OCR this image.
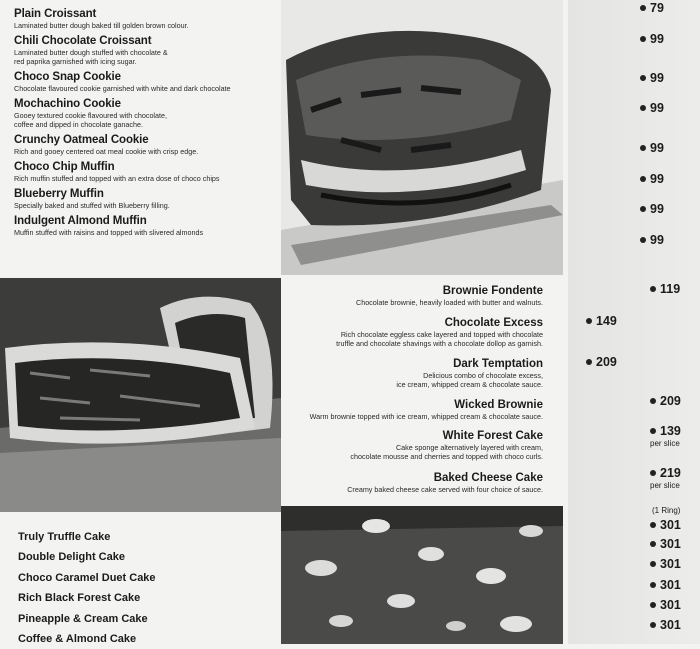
Plain Croissant
Laminated butter dough baked till golden brown colour.
Chili Chocolate Croissant
Laminated butter dough stuffed with chocolate &
red paprika garnished with icing sugar.
Choco Snap Cookie
Chocolate flavoured cookie garnished with white and dark chocolate
Mochachino Cookie
Gooey textured cookie flavoured with chocolate,
coffee and dipped in chocolate ganache.
Crunchy Oatmeal Cookie
Rich and gooey centered oat meal cookie with crisp edge.
Choco Chip Muffin
Rich muffin stuffed and topped with an extra dose of choco chips
Blueberry Muffin
Specially baked and stuffed with Blueberry filling.
Indulgent Almond Muffin
Muffin stuffed with raisins and topped with slivered almonds
79
99
99
99
99
99
99
99
Brownie Fondente
Chocolate brownie, heavily loaded with butter and walnuts.
Chocolate Excess
Rich chocolate eggless cake layered and topped with chocolate
truffle and chocolate shavings with a chocolate dollop as garnish.
Dark Temptation
Delicious combo of chocolate excess,
ice cream, whipped cream & chocolate sauce.
Wicked Brownie
Warm brownie topped with ice cream, whipped cream & chocolate sauce.
White Forest Cake
Cake sponge alternatively layered with cream,
chocolate mousse and cherries and topped with choco curls.
Baked Cheese Cake
Creamy baked cheese cake served with four choice of sauce.
119
149
209
209
139
per slice
219
per slice
Truly Truffle Cake
Double Delight Cake
Choco Caramel Duet Cake
Rich Black Forest Cake
Pineapple & Cream Cake
Coffee & Almond Cake
(1 Ring)
301
301
301
301
301
301
